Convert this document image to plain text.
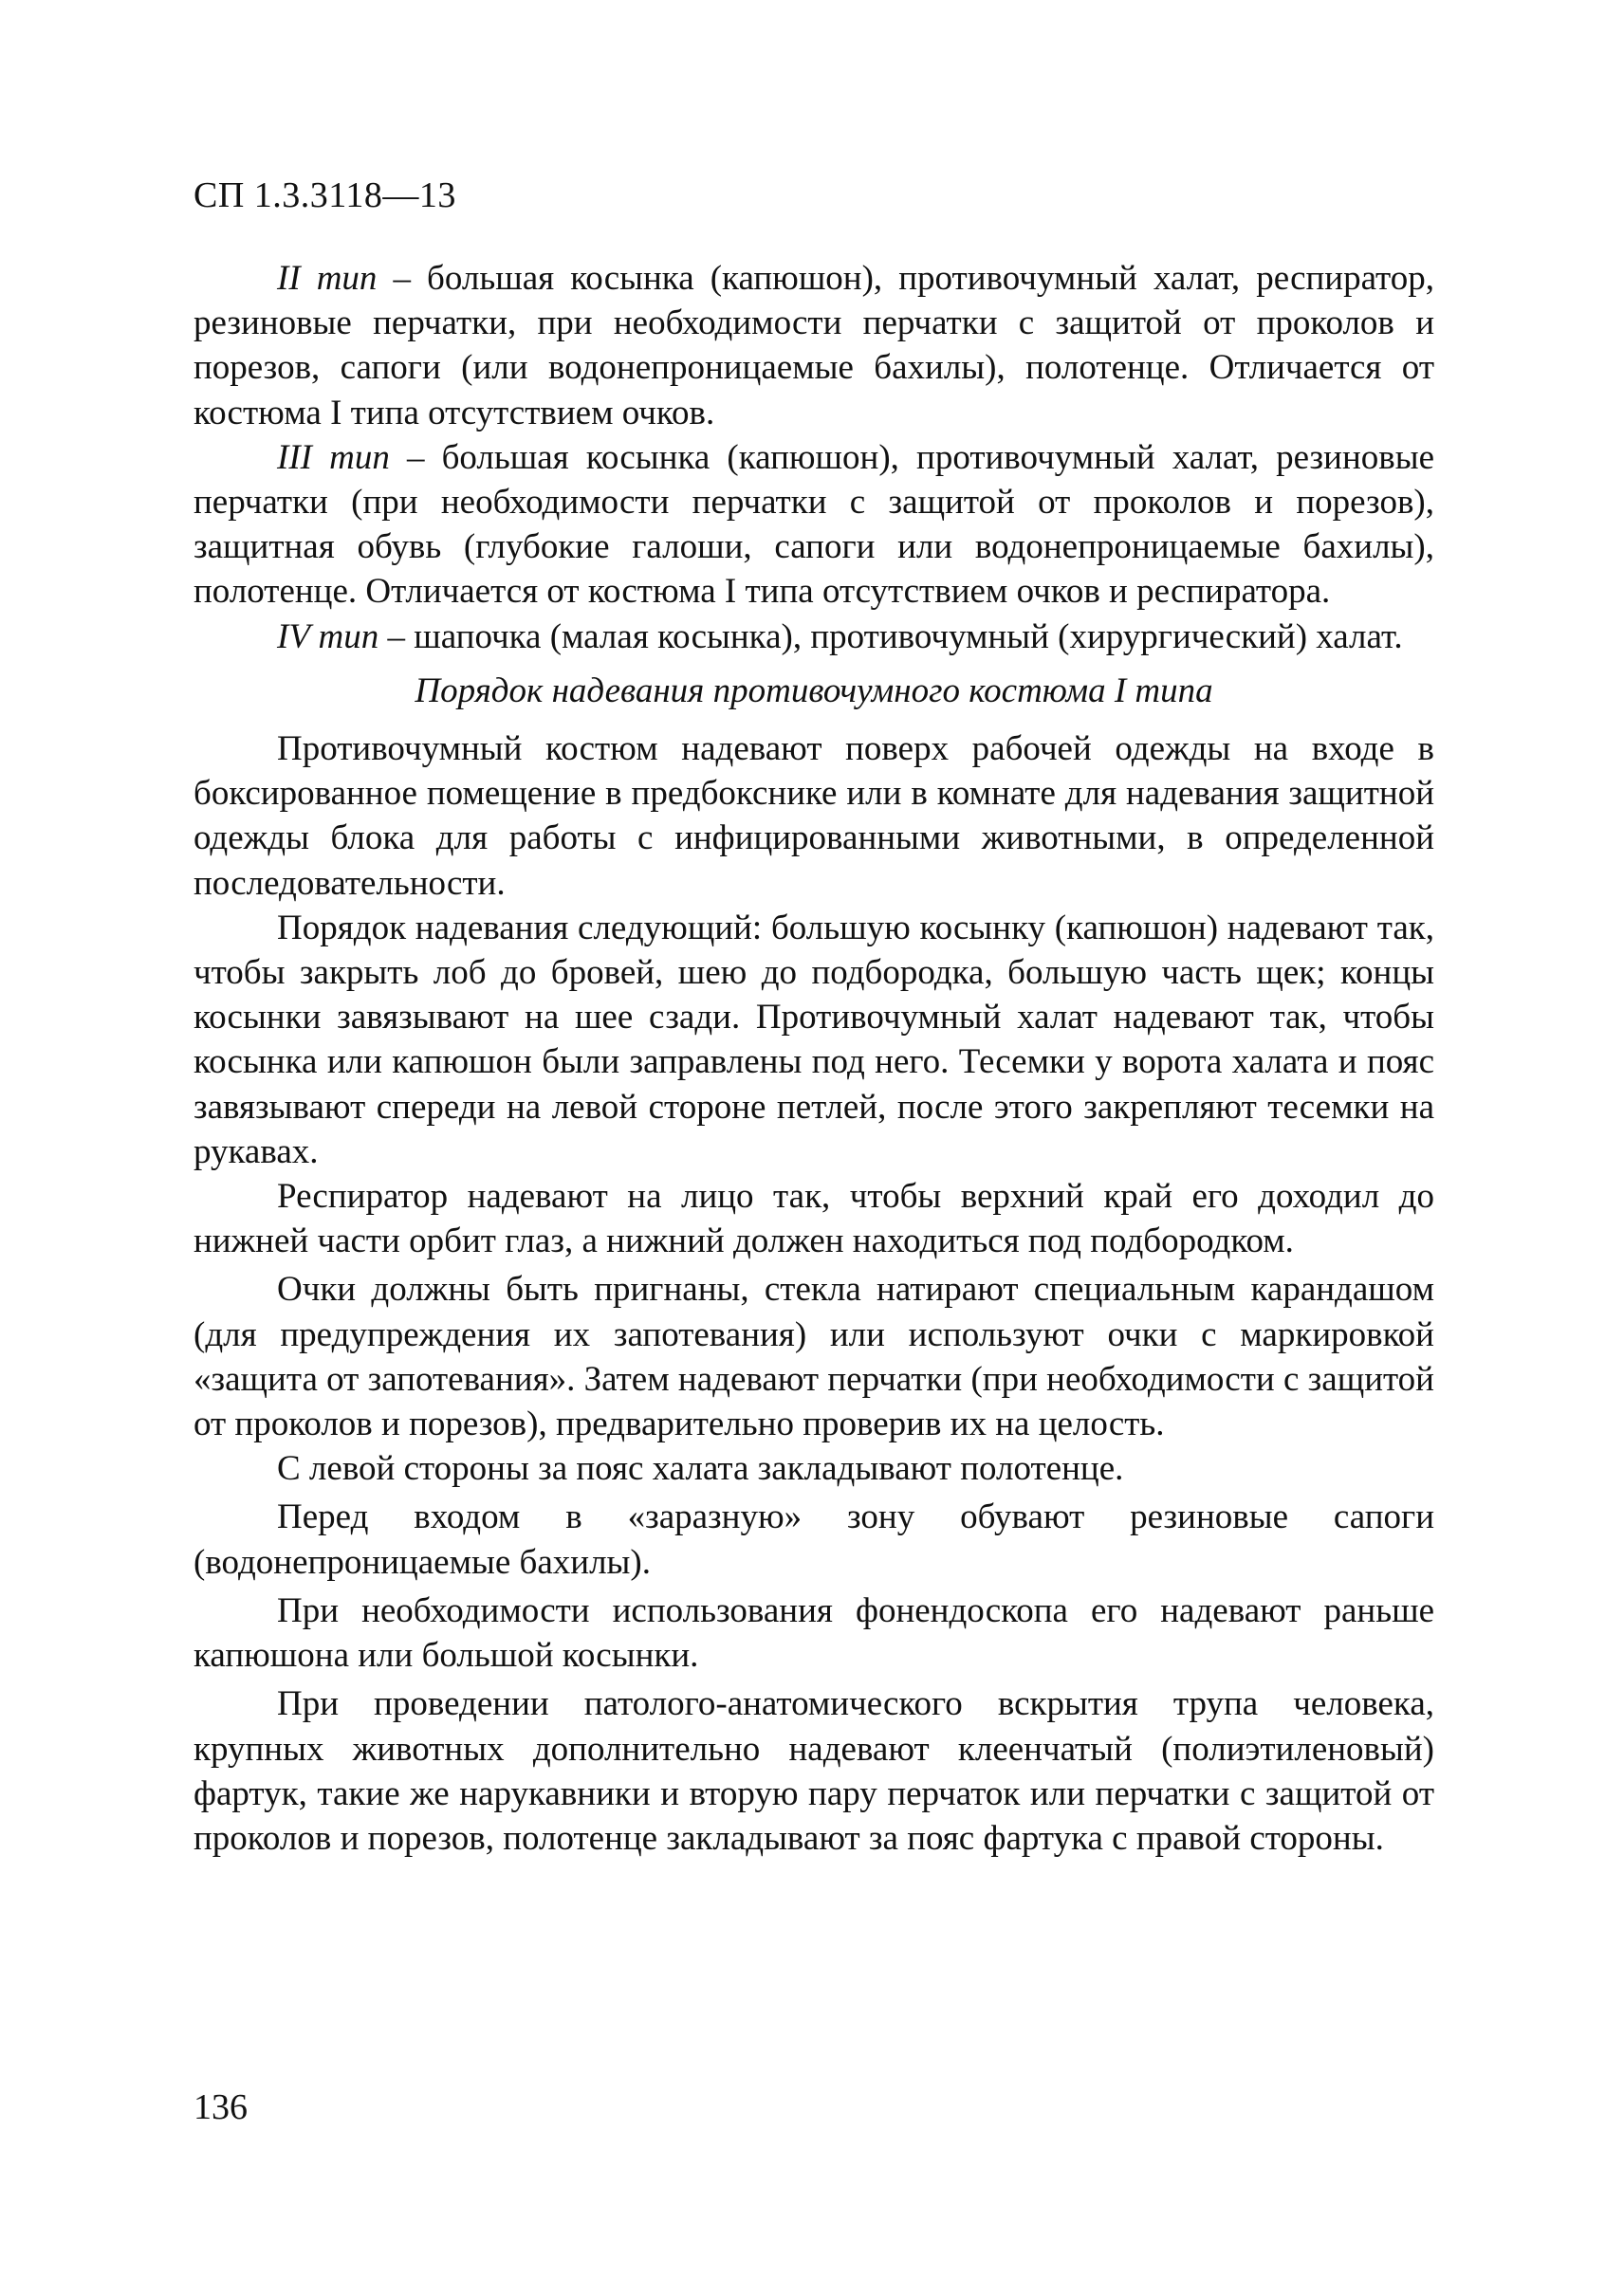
СП 1.3.3118—13

II тип – большая косынка (капюшон), противочумный халат, респиратор, резиновые перчатки, при необходимости перчатки с защитой от проколов и порезов, сапоги (или водонепроницаемые бахилы), полотенце. Отличается от костюма I типа отсутствием очков.

III тип – большая косынка (капюшон), противочумный халат, резиновые перчатки (при необходимости перчатки с защитой от проколов и порезов), защитная обувь (глубокие галоши, сапоги или водонепроницаемые бахилы), полотенце. Отличается от костюма I типа отсутствием очков и респиратора.

IV тип – шапочка (малая косынка), противочумный (хирургический) халат.

Порядок надевания противочумного костюма I типа

Противочумный костюм надевают поверх рабочей одежды на входе в боксированное помещение в предбокснике или в комнате для надевания защитной одежды блока для работы с инфицированными животными, в определенной последовательности.

Порядок надевания следующий: большую косынку (капюшон) надевают так, чтобы закрыть лоб до бровей, шею до подбородка, большую часть щек; концы косынки завязывают на шее сзади. Противочумный халат надевают так, чтобы косынка или капюшон были заправлены под него. Тесемки у ворота халата и пояс завязывают спереди на левой стороне петлей, после этого закрепляют тесемки на рукавах.

Респиратор надевают на лицо так, чтобы верхний край его доходил до нижней части орбит глаз, а нижний должен находиться под подбородком.

Очки должны быть пригнаны, стекла натирают специальным карандашом (для предупреждения их запотевания) или используют очки с маркировкой «защита от запотевания». Затем надевают перчатки (при необходимости с защитой от проколов и порезов), предварительно проверив их на целость.

С левой стороны за пояс халата закладывают полотенце.

Перед входом в «заразную» зону обувают резиновые сапоги (водонепроницаемые бахилы).

При необходимости использования фонендоскопа его надевают раньше капюшона или большой косынки.

При проведении патолого-анатомического вскрытия трупа человека, крупных животных дополнительно надевают клеенчатый (полиэтиленовый) фартук, такие же нарукавники и вторую пару перчаток или перчатки с защитой от проколов и порезов, полотенце закладывают за пояс фартука с правой стороны.

136
